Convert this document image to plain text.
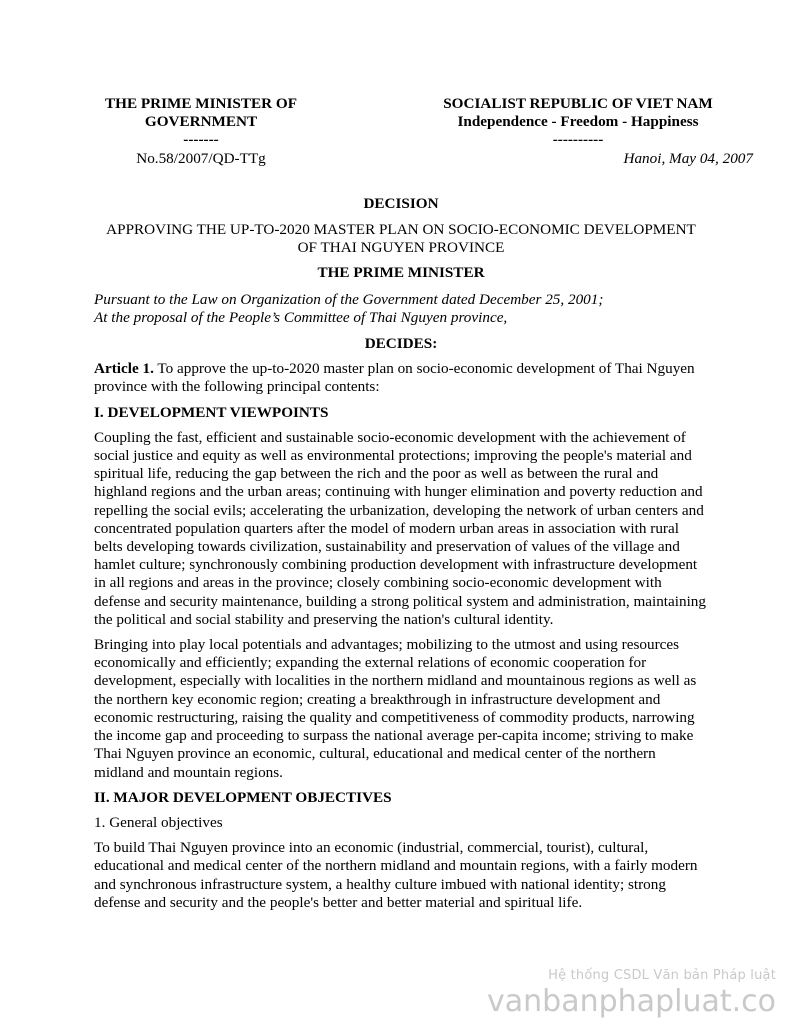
THE PRIME MINISTER OF
GOVERNMENT
-------
SOCIALIST REPUBLIC OF VIET NAM
Independence - Freedom - Happiness
----------
No.58/2007/QD-TTg	Hanoi, May 04, 2007

DECISION

APPROVING THE UP-TO-2020 MASTER PLAN ON SOCIO-ECONOMIC DEVELOPMENT
OF THAI NGUYEN PROVINCE

THE PRIME MINISTER

Pursuant to the Law on Organization of the Government dated December 25, 2001;
At the proposal of the People’s Committee of Thai Nguyen province,

DECIDES:

Article 1. To approve the up-to-2020 master plan on socio-economic development of Thai Nguyen province with the following principal contents:

I. DEVELOPMENT VIEWPOINTS

Coupling the fast, efficient and sustainable socio-economic development with the achievement of social justice and equity as well as environmental protections; improving the people's material and spiritual life, reducing the gap between the rich and the poor as well as between the rural and highland regions and the urban areas; continuing with hunger elimination and poverty reduction and repelling the social evils; accelerating the urbanization, developing the network of urban centers and concentrated population quarters after the model of modern urban areas in association with rural belts developing towards civilization, sustainability and preservation of values of the village and hamlet culture; synchronously combining production development with infrastructure development in all regions and areas in the province; closely combining socio-economic development with defense and security maintenance, building a strong political system and administration, maintaining the political and social stability and preserving the nation's cultural identity.

Bringing into play local potentials and advantages; mobilizing to the utmost and using resources economically and efficiently; expanding the external relations of economic cooperation for development, especially with localities in the northern midland and mountainous regions as well as the northern key economic region; creating a breakthrough in infrastructure development and economic restructuring, raising the quality and competitiveness of commodity products, narrowing the income gap and proceeding to surpass the national average per-capita income; striving to make Thai Nguyen province an economic, cultural, educational and medical center of the northern midland and mountain regions.

II. MAJOR DEVELOPMENT OBJECTIVES

1. General objectives

To build Thai Nguyen province into an economic (industrial, commercial, tourist), cultural, educational and medical center of the northern midland and mountain regions, with a fairly modern and synchronous infrastructure system, a healthy culture imbued with national identity; strong defense and security and the people's better and better material and spiritual life.

Hệ thống CSDL Văn bản Pháp luật
vanbanphapluat.co
